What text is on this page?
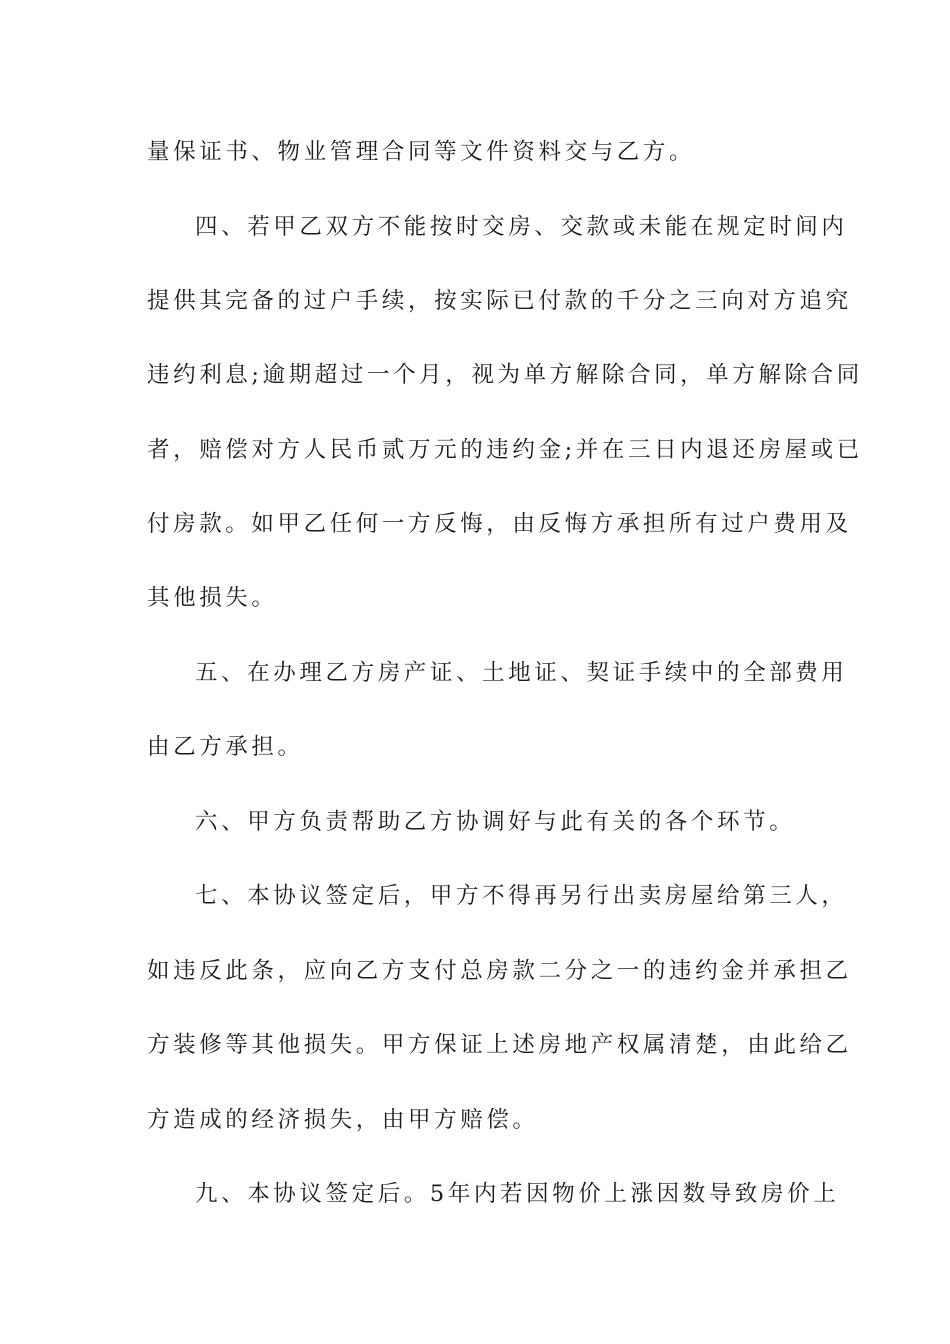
量保证书、物业管理合同等文件资料交与乙方。
四、若甲乙双方不能按时交房、交款或未能在规定时间内
提供其完备的过户手续，按实际已付款的千分之三向对方追究
违约利息;逾期超过一个月，视为单方解除合同，单方解除合同
者，赔偿对方人民币贰万元的违约金;并在三日内退还房屋或已
付房款。如甲乙任何一方反悔，由反悔方承担所有过户费用及
其他损失。
五、在办理乙方房产证、土地证、契证手续中的全部费用
由乙方承担。
六、甲方负责帮助乙方协调好与此有关的各个环节。
七、本协议签定后，甲方不得再另行出卖房屋给第三人，
如违反此条，应向乙方支付总房款二分之一的违约金并承担乙
方装修等其他损失。甲方保证上述房地产权属清楚，由此给乙
方造成的经济损失，由甲方赔偿。
九、本协议签定后。5年内若因物价上涨因数导致房价上
